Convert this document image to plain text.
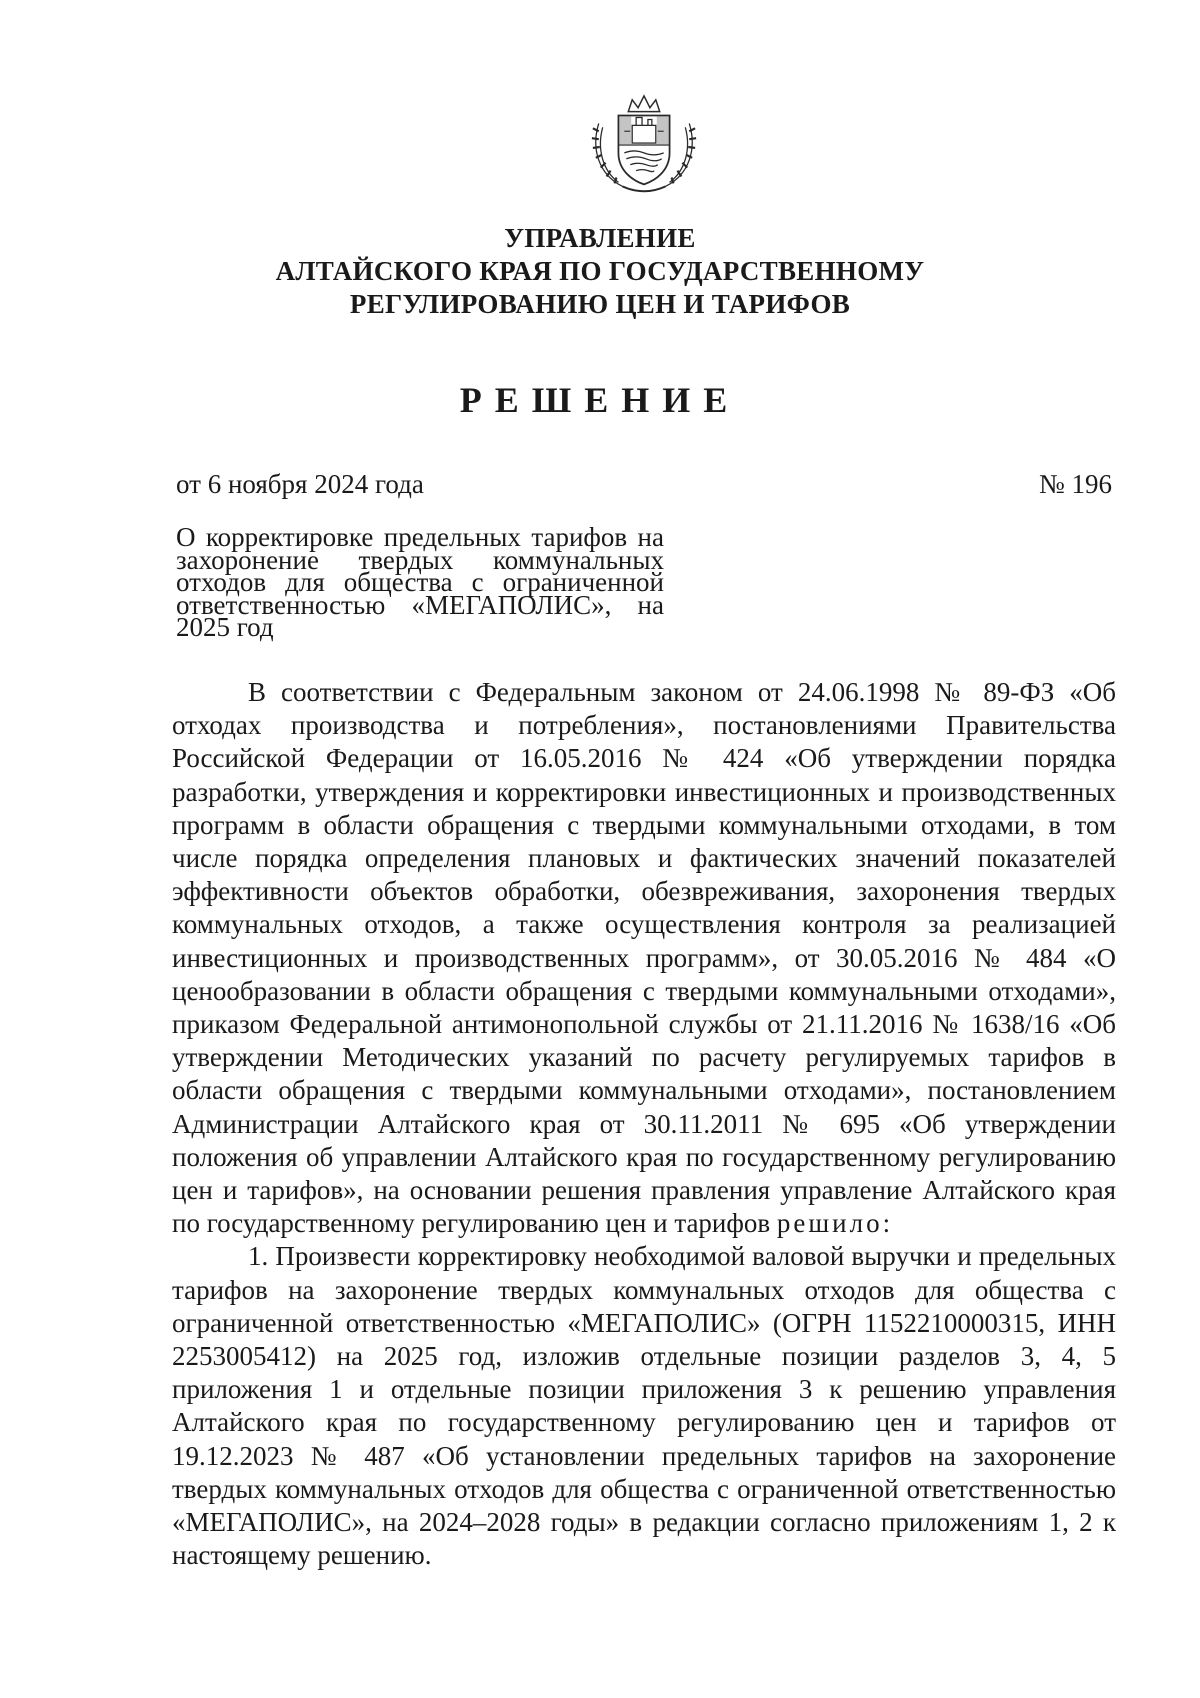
УПРАВЛЕНИЕ
АЛТАЙСКОГО КРАЯ ПО ГОСУДАРСТВЕННОМУ
РЕГУЛИРОВАНИЮ ЦЕН И ТАРИФОВ
РЕШЕНИЕ
от 6 ноября 2024 года	№ 196
О корректировке предельных тарифов на захоронение твердых коммунальных отходов для общества с ограниченной ответственностью «МЕГАПОЛИС», на 2025 год

В соответствии с Федеральным законом от 24.06.1998 № 89-ФЗ «Об отходах производства и потребления», постановлениями Правительства Российской Федерации от 16.05.2016 № 424 «Об утверждении порядка разработки, утверждения и корректировки инвестиционных и производственных программ в области обращения с твердыми коммунальными отходами, в том числе порядка определения плановых и фактических значений показателей эффективности объектов обработки, обезвреживания, захоронения твердых коммунальных отходов, а также осуществления контроля за реализацией инвестиционных и производственных программ», от 30.05.2016 № 484 «О ценообразовании в области обращения с твердыми коммунальными отходами», приказом Федеральной антимонопольной службы от 21.11.2016 № 1638/16 «Об утверждении Методических указаний по расчету регулируемых тарифов в области обращения с твердыми коммунальными отходами», постановлением Администрации Алтайского края от 30.11.2011 № 695 «Об утверждении положения об управлении Алтайского края по государственному регулированию цен и тарифов», на основании решения правления управление Алтайского края по государственному регулированию цен и тарифов решило:

1. Произвести корректировку необходимой валовой выручки и предельных тарифов на захоронение твердых коммунальных отходов для общества с ограниченной ответственностью «МЕГАПОЛИС» (ОГРН 1152210000315, ИНН 2253005412) на 2025 год, изложив отдельные позиции разделов 3, 4, 5 приложения 1 и отдельные позиции приложения 3 к решению управления Алтайского края по государственному регулированию цен и тарифов от 19.12.2023 № 487 «Об установлении предельных тарифов на захоронение твердых коммунальных отходов для общества с ограниченной ответственностью «МЕГАПОЛИС», на 2024–2028 годы» в редакции согласно приложениям 1, 2 к настоящему решению.
